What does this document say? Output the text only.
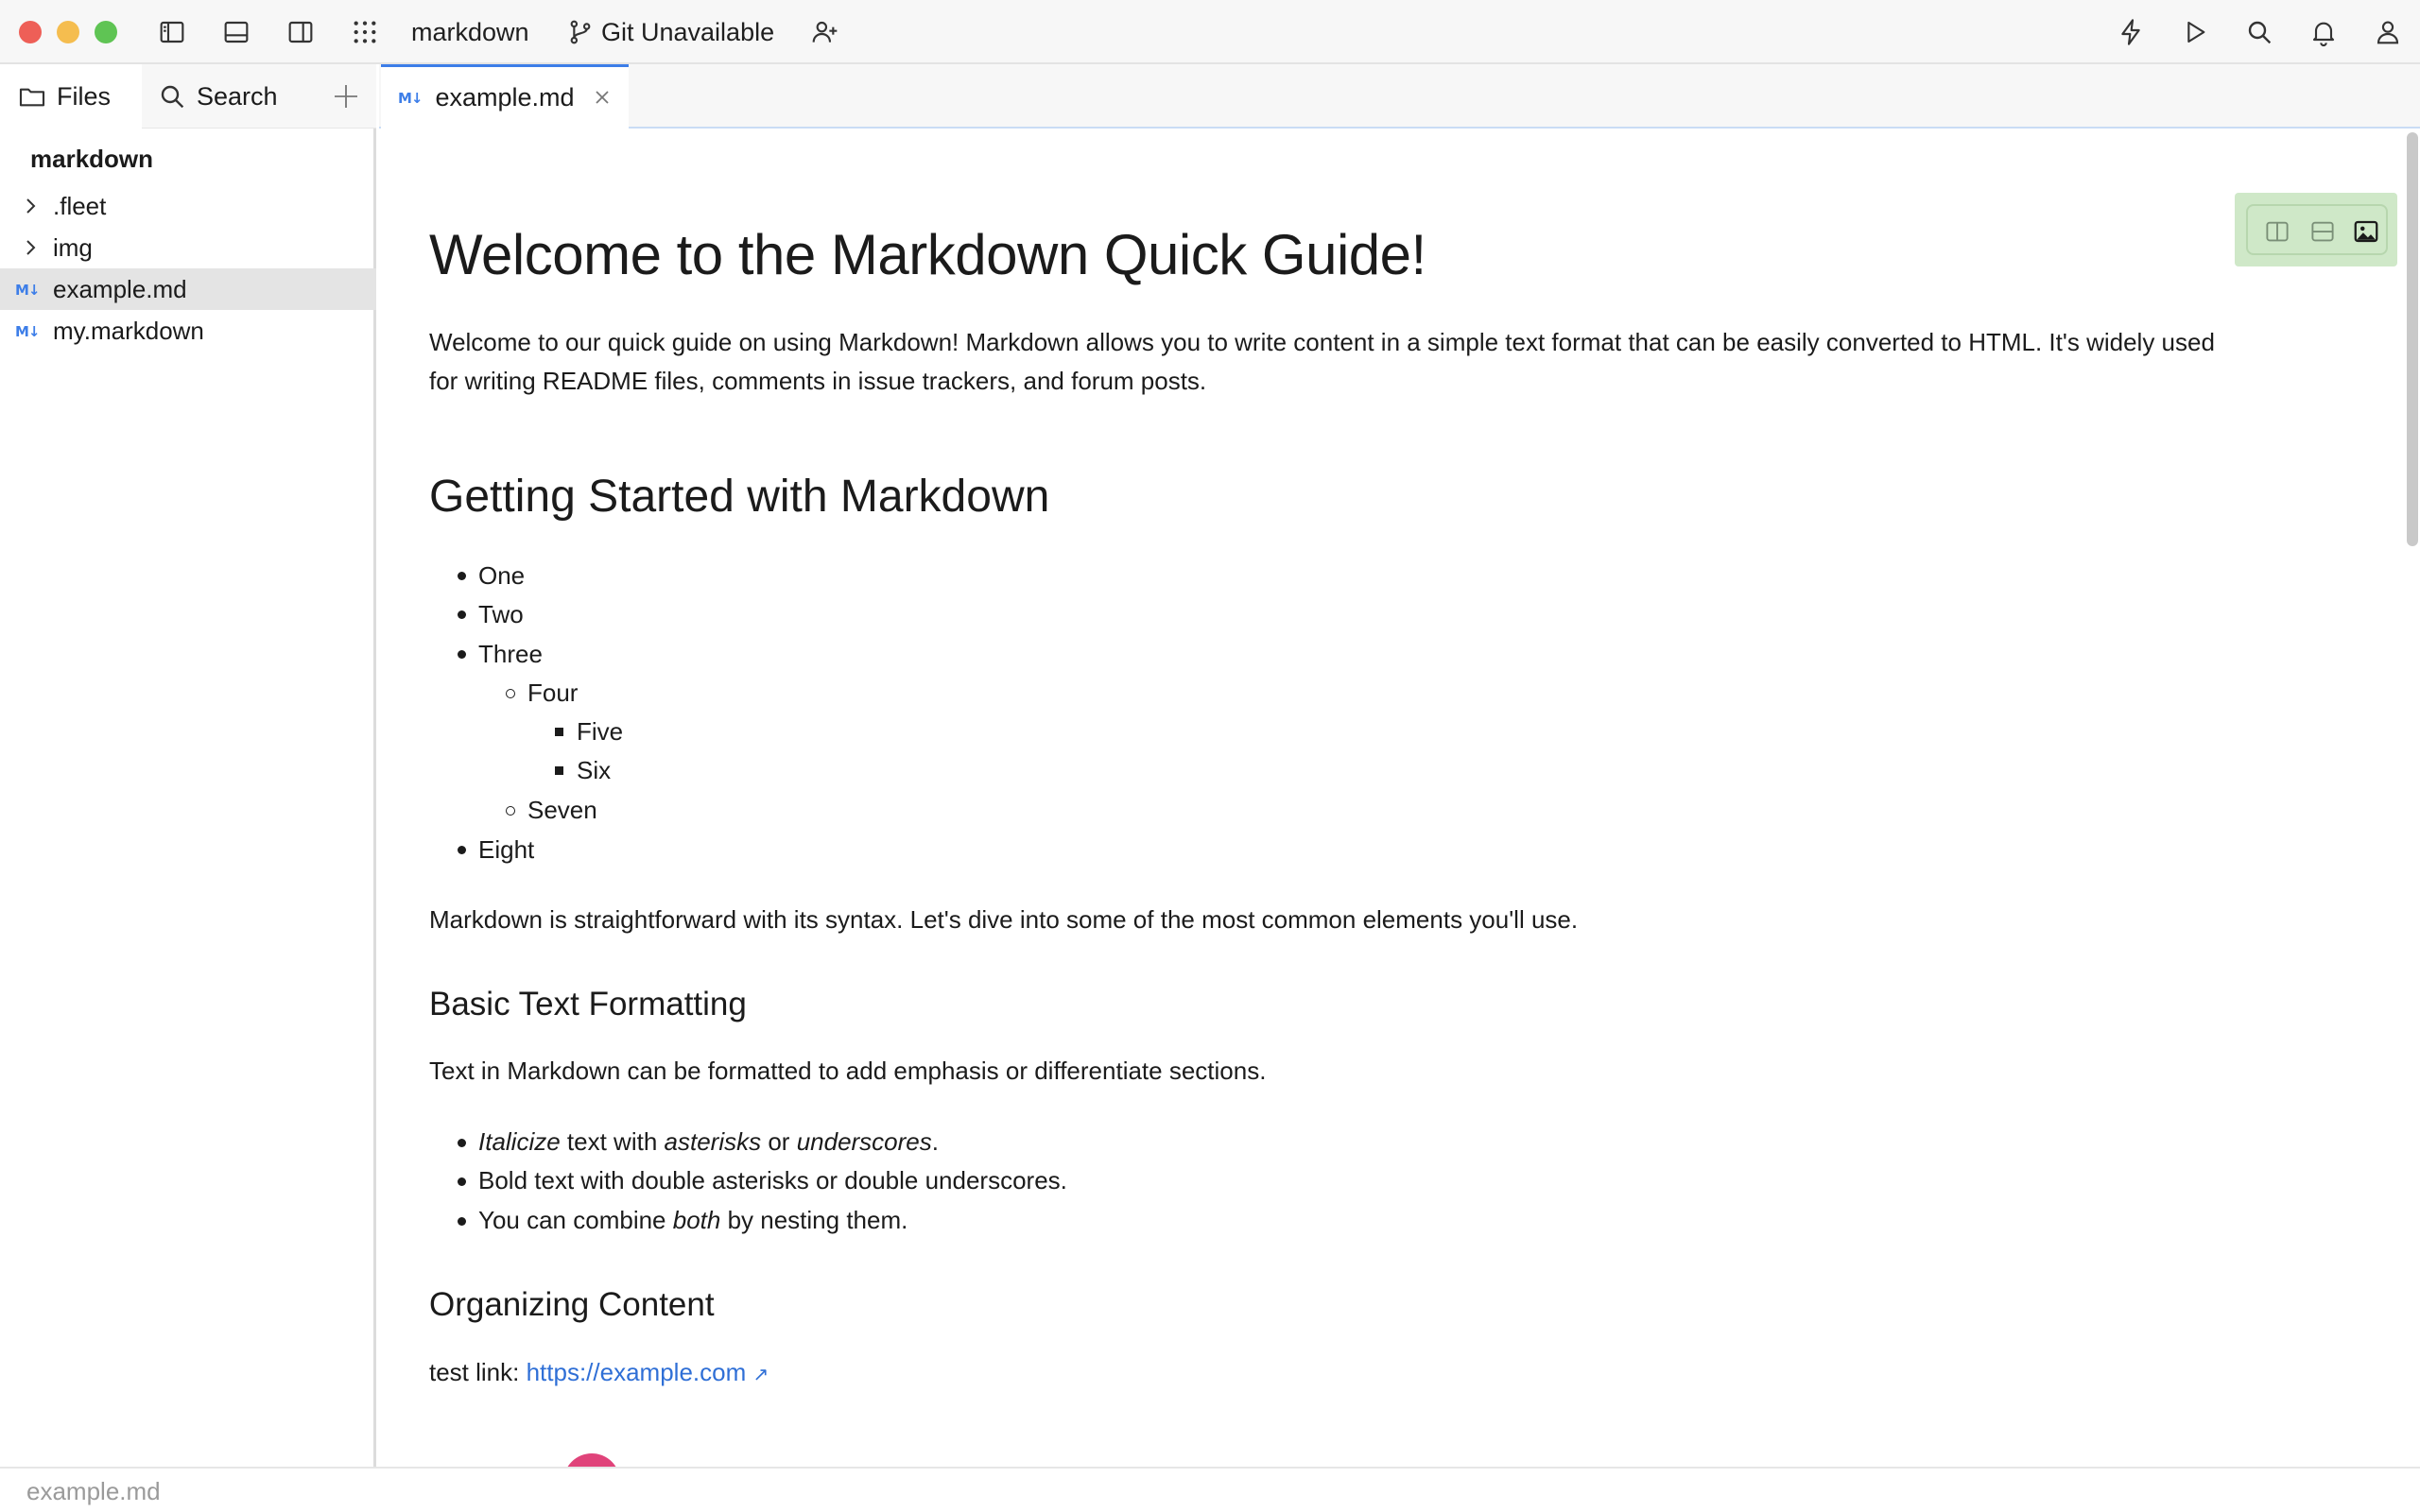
markdown	Git Unavailable
Files	Search
markdown
.fleet
img
M↓ example.md
M↓ my.markdown
M↓ example.md
Welcome to the Markdown Quick Guide!
Welcome to our quick guide on using Markdown! Markdown allows you to write content in a simple text format that can be easily converted to HTML. It's widely used
for writing README files, comments in issue trackers, and forum posts.
Getting Started with Markdown
One
Two
Three
Four
Five
Six
Seven
Eight
Markdown is straightforward with its syntax. Let's dive into some of the most common elements you'll use.
Basic Text Formatting
Text in Markdown can be formatted to add emphasis or differentiate sections.
Italicize text with asterisks or underscores.
Bold text with double asterisks or double underscores.
You can combine both by nesting them.
Organizing Content
test link: https://example.com ↗
example.md
